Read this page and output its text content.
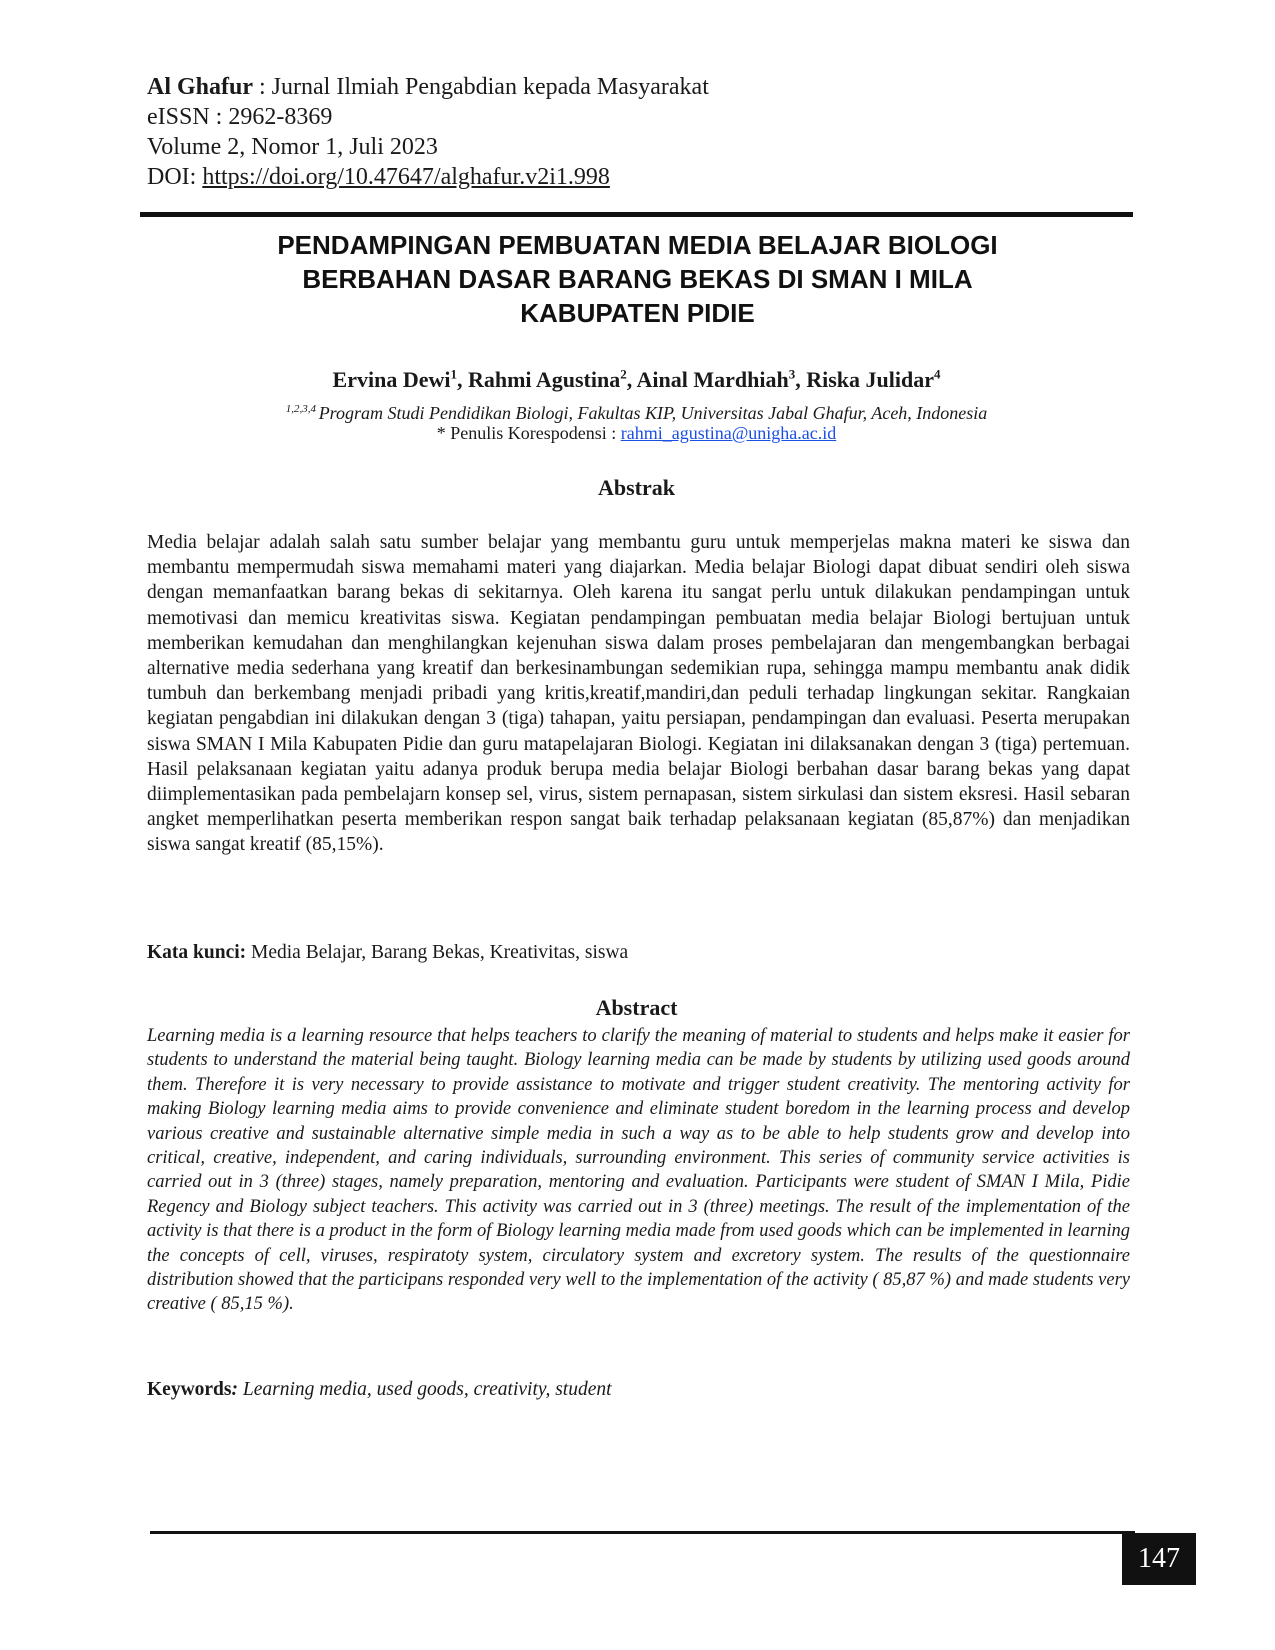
Al Ghafur : Jurnal Ilmiah Pengabdian kepada Masyarakat
eISSN : 2962-8369
Volume 2, Nomor 1, Juli 2023
DOI: https://doi.org/10.47647/alghafur.v2i1.998
PENDAMPINGAN PEMBUATAN MEDIA BELAJAR BIOLOGI
BERBAHAN DASAR BARANG BEKAS DI SMAN I MILA
KABUPATEN PIDIE
Ervina Dewi$^1$, Rahmi Agustina$^2$, Ainal Mardhiah$^3$, Riska Julidar$^4$
$^{1,2,3,4}$ Program Studi Pendidikan Biologi, Fakultas KIP, Universitas Jabal Ghafur, Aceh, Indonesia
* Penulis Korespodensi : rahmi_agustina@unigha.ac.id
Abstrak
Media belajar adalah salah satu sumber belajar yang membantu guru untuk memperjelas makna materi ke siswa dan membantu mempermudah siswa memahami materi yang diajarkan. Media belajar Biologi dapat dibuat sendiri oleh siswa dengan memanfaatkan barang bekas di sekitarnya. Oleh karena itu sangat perlu untuk dilakukan pendampingan untuk memotivasi dan memicu kreativitas siswa. Kegiatan pendampingan pembuatan media belajar Biologi bertujuan untuk memberikan kemudahan dan menghilangkan kejenuhan siswa dalam proses pembelajaran dan mengembangkan berbagai alternative media sederhana yang kreatif dan berkesinambungan sedemikian rupa, sehingga mampu membantu anak didik tumbuh dan berkembang menjadi pribadi yang kritis,kreatif,mandiri,dan peduli terhadap lingkungan sekitar. Rangkaian kegiatan pengabdian ini dilakukan dengan 3 (tiga) tahapan, yaitu persiapan, pendampingan dan evaluasi. Peserta merupakan siswa SMAN I Mila Kabupaten Pidie dan guru matapelajaran Biologi. Kegiatan ini dilaksanakan dengan 3 (tiga) pertemuan. Hasil pelaksanaan kegiatan yaitu adanya produk berupa media belajar Biologi berbahan dasar barang bekas yang dapat diimplementasikan pada pembelajarn konsep sel, virus, sistem pernapasan, sistem sirkulasi dan sistem eksresi. Hasil sebaran angket memperlihatkan peserta memberikan respon sangat baik terhadap pelaksanaan kegiatan (85,87%) dan menjadikan siswa sangat kreatif (85,15%).
Kata kunci: Media Belajar, Barang Bekas, Kreativitas, siswa
Abstract
Learning media is a learning resource that helps teachers to clarify the meaning of material to students and helps make it easier for students to understand the material being taught. Biology learning media can be made by students by utilizing used goods around them. Therefore it is very necessary to provide assistance to motivate and trigger student creativity. The mentoring activity for making Biology learning media aims to provide convenience and eliminate student boredom in the learning process and develop various creative and sustainable alternative simple media in such a way as to be able to help students grow and develop into critical, creative, independent, and caring individuals, surrounding environment. This series of community service activities is carried out in 3 (three) stages, namely preparation, mentoring and evaluation. Participants were student of SMAN I Mila, Pidie Regency and Biology subject teachers. This activity was carried out in 3 (three) meetings. The result of the implementation of the activity is that there is a product in the form of Biology learning media made from used goods which can be implemented in learning the concepts of cell, viruses, respiratoty system, circulatory system and excretory system. The results of the questionnaire distribution showed that the participans responded very well to the implementation of the activity ( 85,87 %) and made students very creative ( 85,15 %).
Keywords: Learning media, used goods, creativity, student
147
